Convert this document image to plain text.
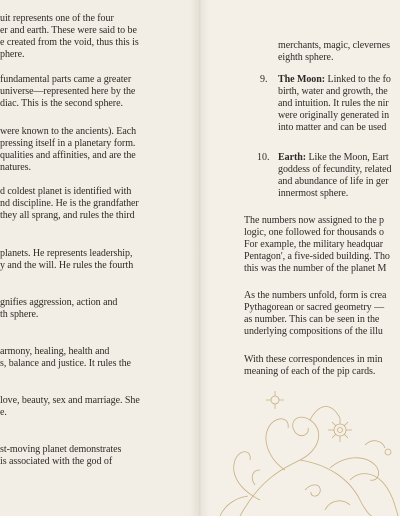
uit represents one of the four
er and earth. These were said to be
e created from the void, thus this is
phere.
fundamental parts came a greater
universe—represented here by the
diac. This is the second sphere.
were known to the ancients). Each
pressing itself in a planetary form.
qualities and affinities, and are the
natures.
d coldest planet is identified with
nd discipline. He is the grandfather
they all sprang, and rules the third
planets. He represents leadership,
y and the will. He rules the fourth
gnifies aggression, action and
th sphere.
armony, healing, health and
s, balance and justice. It rules the
love, beauty, sex and marriage. She
e.
st-moving planet demonstrates
is associated with the god of
merchants, magic, clevernes
eighth sphere.
9. The Moon: Linked to the fo
birth, water and growth, the
and intuition. It rules the nir
were originally generated in
into matter and can be used
10. Earth: Like the Moon, Eart
goddess of fecundity, related
and abundance of life in ger
innermost sphere.
The numbers now assigned to the p
logic, one followed for thousands o
For example, the military headquar
Pentagon', a five-sided building. Tho
this was the number of the planet M
As the numbers unfold, form is crea
Pythagorean or sacred geometry —
as number. This can be seen in the
underlying compositions of the illu
With these correspondences in min
meaning of each of the pip cards.
